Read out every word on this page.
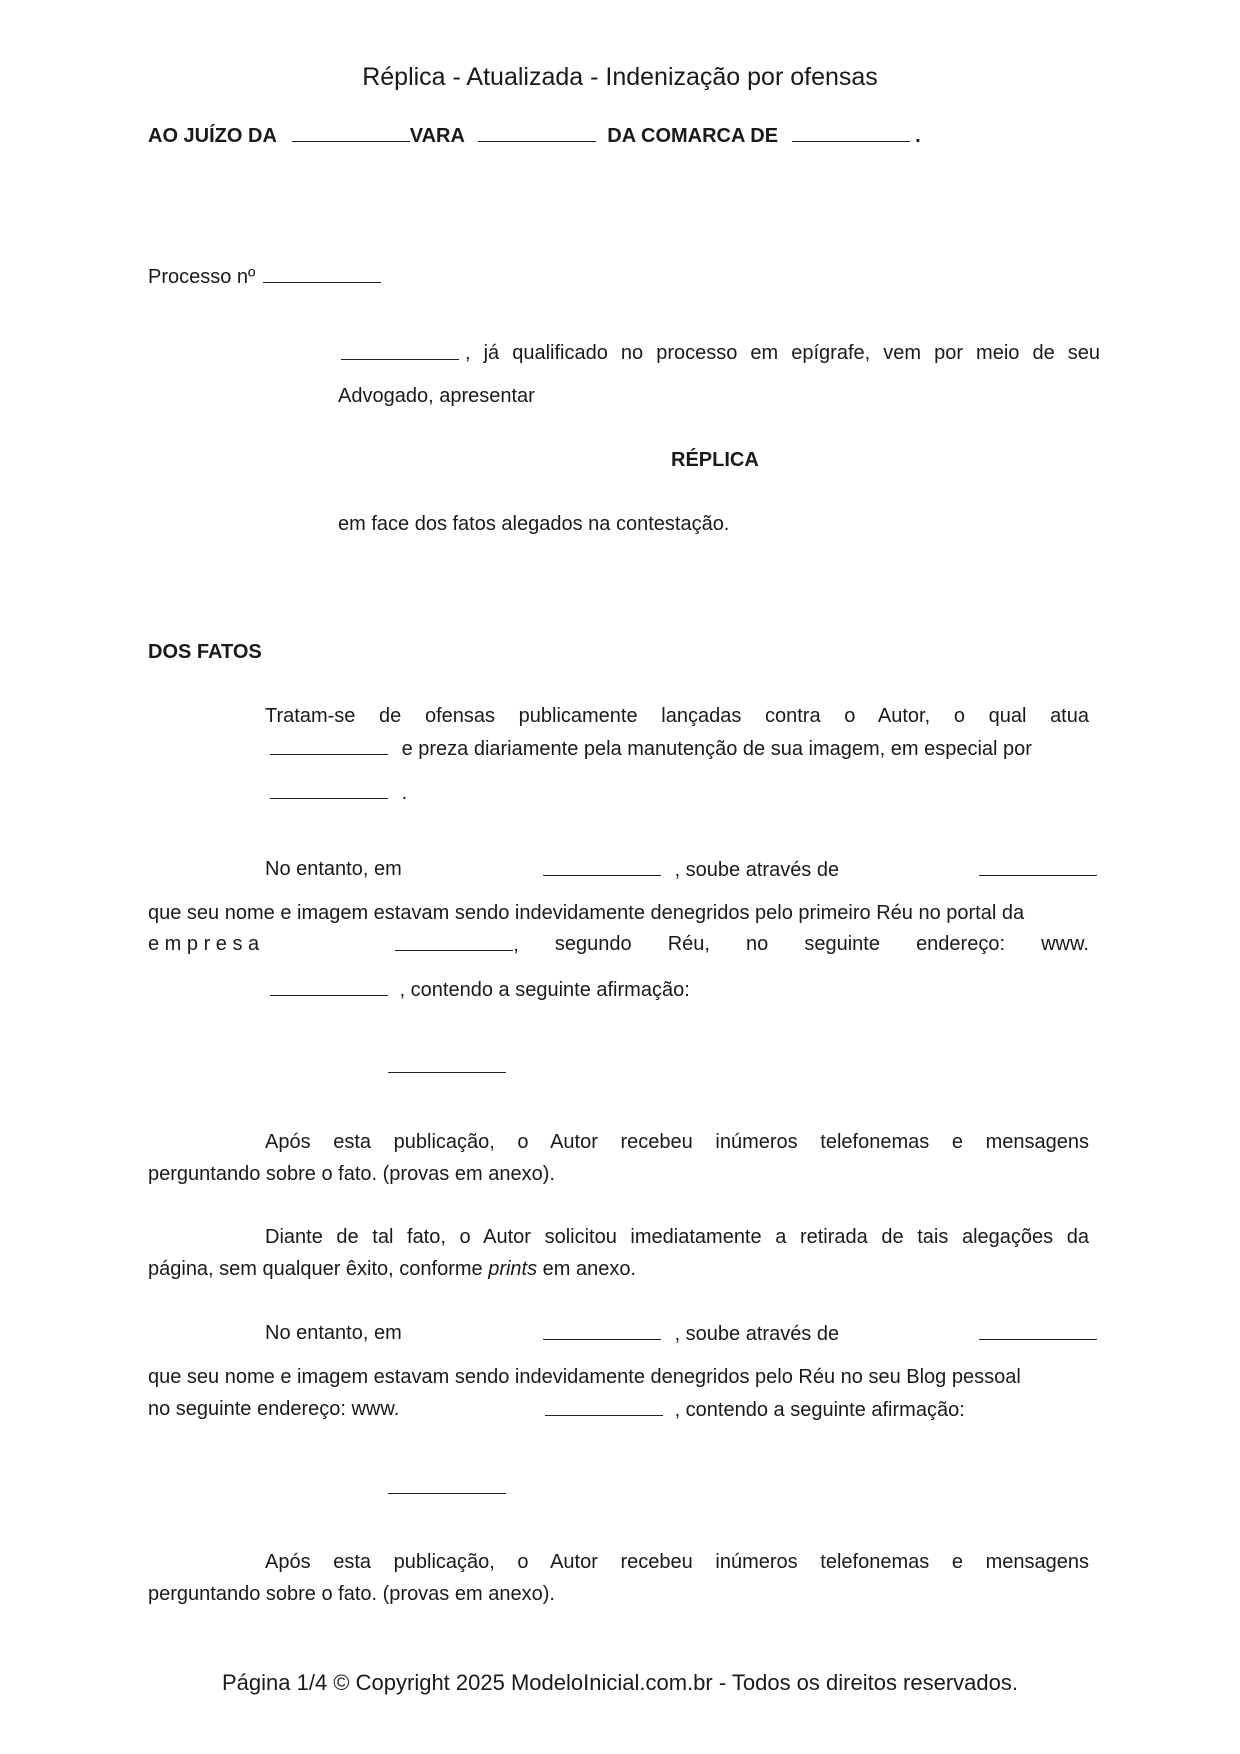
Réplica - Atualizada - Indenização por ofensas
AO JUÍZO DA	VARA	DA COMARCA DE	.
Processo nº
, já qualificado no processo em epígrafe, vem por meio de seu
Advogado, apresentar
RÉPLICA
em face dos fatos alegados na contestação.
DOS FATOS
Tratam-se de ofensas publicamente lançadas contra o Autor, o qual atua
e preza diariamente pela manutenção de sua imagem, em especial por
.
No entanto, em	, soube através de
que seu nome e imagem estavam sendo indevidamente denegridos pelo primeiro Réu no portal da
e m p r e s a	, segundo Réu, no seguinte endereço: www.
, contendo a seguinte afirmação:
Após esta publicação, o Autor recebeu inúmeros telefonemas e mensagens
perguntando sobre o fato. (provas em anexo).
Diante de tal fato, o Autor solicitou imediatamente a retirada de tais alegações da
página, sem qualquer êxito, conforme prints em anexo.
No entanto, em	, soube através de
que seu nome e imagem estavam sendo indevidamente denegridos pelo Réu no seu Blog pessoal
no seguinte endereço: www.	, contendo a seguinte afirmação:
Após esta publicação, o Autor recebeu inúmeros telefonemas e mensagens
perguntando sobre o fato. (provas em anexo).
Página 1/4 © Copyright 2025 ModeloInicial.com.br - Todos os direitos reservados.
